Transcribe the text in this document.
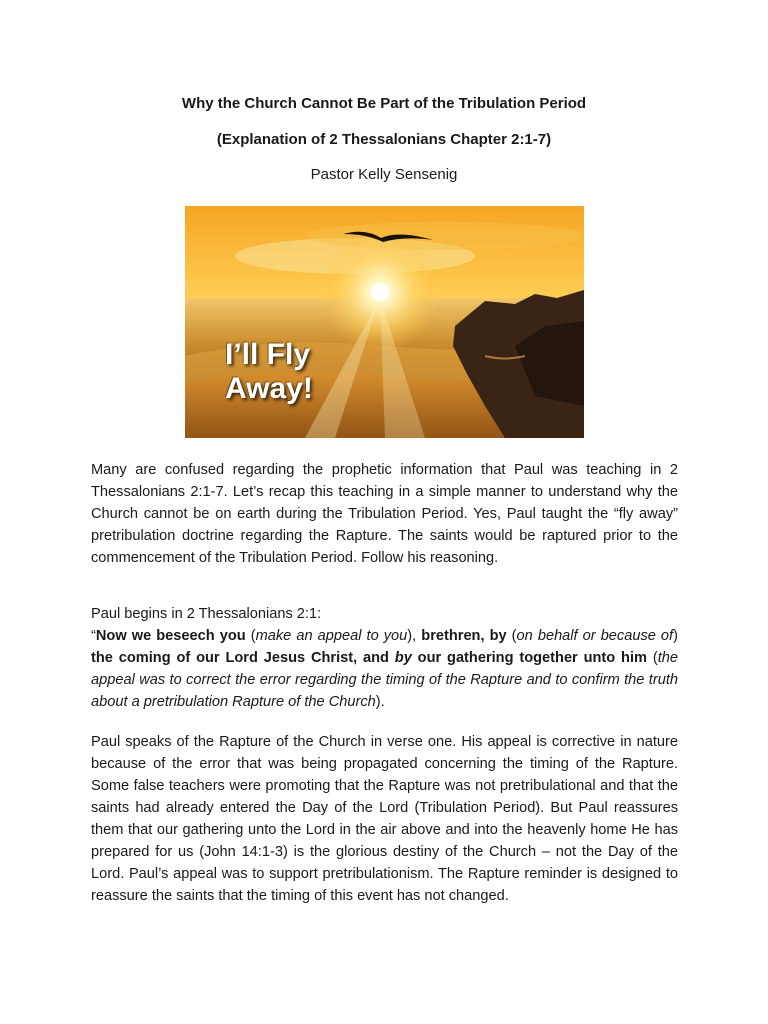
Why the Church Cannot Be Part of the Tribulation Period
(Explanation of 2 Thessalonians Chapter 2:1-7)
Pastor Kelly Sensenig
I’ll Fly
Away!
Many are confused regarding the prophetic information that Paul was teaching in 2 Thessalonians 2:1-7. Let’s recap this teaching in a simple manner to understand why the Church cannot be on earth during the Tribulation Period. Yes, Paul taught the “fly away” pretribulation doctrine regarding the Rapture. The saints would be raptured prior to the commencement of the Tribulation Period. Follow his reasoning.
Paul begins in 2 Thessalonians 2:1:
“Now we beseech you (make an appeal to you), brethren, by (on behalf or because of) the coming of our Lord Jesus Christ, and by our gathering together unto him (the appeal was to correct the error regarding the timing of the Rapture and to confirm the truth about a pretribulation Rapture of the Church).
Paul speaks of the Rapture of the Church in verse one. His appeal is corrective in nature because of the error that was being propagated concerning the timing of the Rapture. Some false teachers were promoting that the Rapture was not pretribulational and that the saints had already entered the Day of the Lord (Tribulation Period). But Paul reassures them that our gathering unto the Lord in the air above and into the heavenly home He has prepared for us (John 14:1-3) is the glorious destiny of the Church – not the Day of the Lord. Paul’s appeal was to support pretribulationism. The Rapture reminder is designed to reassure the saints that the timing of this event has not changed.
